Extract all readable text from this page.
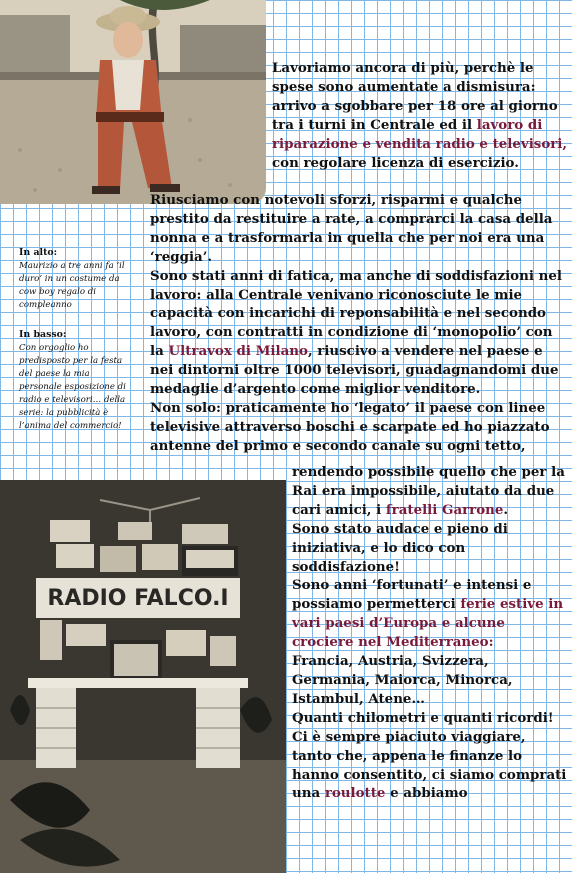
Lavoriamo ancora di più, perchè le spese sono aumentate a dismisura: arrivo a sgobbare per 18 ore al giorno tra i turni in Centrale ed il lavoro di riparazione e vendita radio e televisori, con regolare licenza di esercizio.

Riusciamo con notevoli sforzi, risparmi e qualche prestito da restituire a rate, a comprarci la casa della nonna e a trasformarla in quella che per noi era una ‘reggia’.
Sono stati anni di fatica, ma anche di soddisfazioni nel lavoro: alla Centrale venivano riconosciute le mie capacità con incarichi di reponsabilità e nel secondo lavoro, con contratti in condizione di ‘monopolio’ con la Ultravox di Milano, riuscivo a vendere nel paese e nei dintorni oltre 1000 televisori, guadagnandomi due medaglie d’argento come miglior venditore.
Non solo: praticamente ho ‘legato’ il paese con linee televisive attraverso boschi e scarpate ed ho piazzato antenne del primo e secondo canale su ogni tetto,

In alto:
Maurizio a tre anni fa ‘il duro’ in un costume da cow boy regalo di compleanno
In basso:
Con orgoglio ho predisposto per la festa del paese la mia personale esposizione di radio e televisori… della serie: la pubblicità è l’anima del commercio!
RADIO FALCO.I

rendendo possibile quello che per la Rai era impossibile, aiutato da due cari amici, i fratelli Garrone.
Sono stato audace e pieno di iniziativa, e lo dico con soddisfazione!
Sono anni ‘fortunati’ e intensi e possiamo permetterci ferie estive in vari paesi d’Europa e alcune crociere nel Mediterraneo:
Francia, Austria, Svizzera, Germania, Maiorca, Minorca, Istambul, Atene…
Quanti chilometri e quanti ricordi!
Ci è sempre piaciuto viaggiare, tanto che, appena le finanze lo hanno consentito, ci siamo comprati una roulotte e abbiamo
